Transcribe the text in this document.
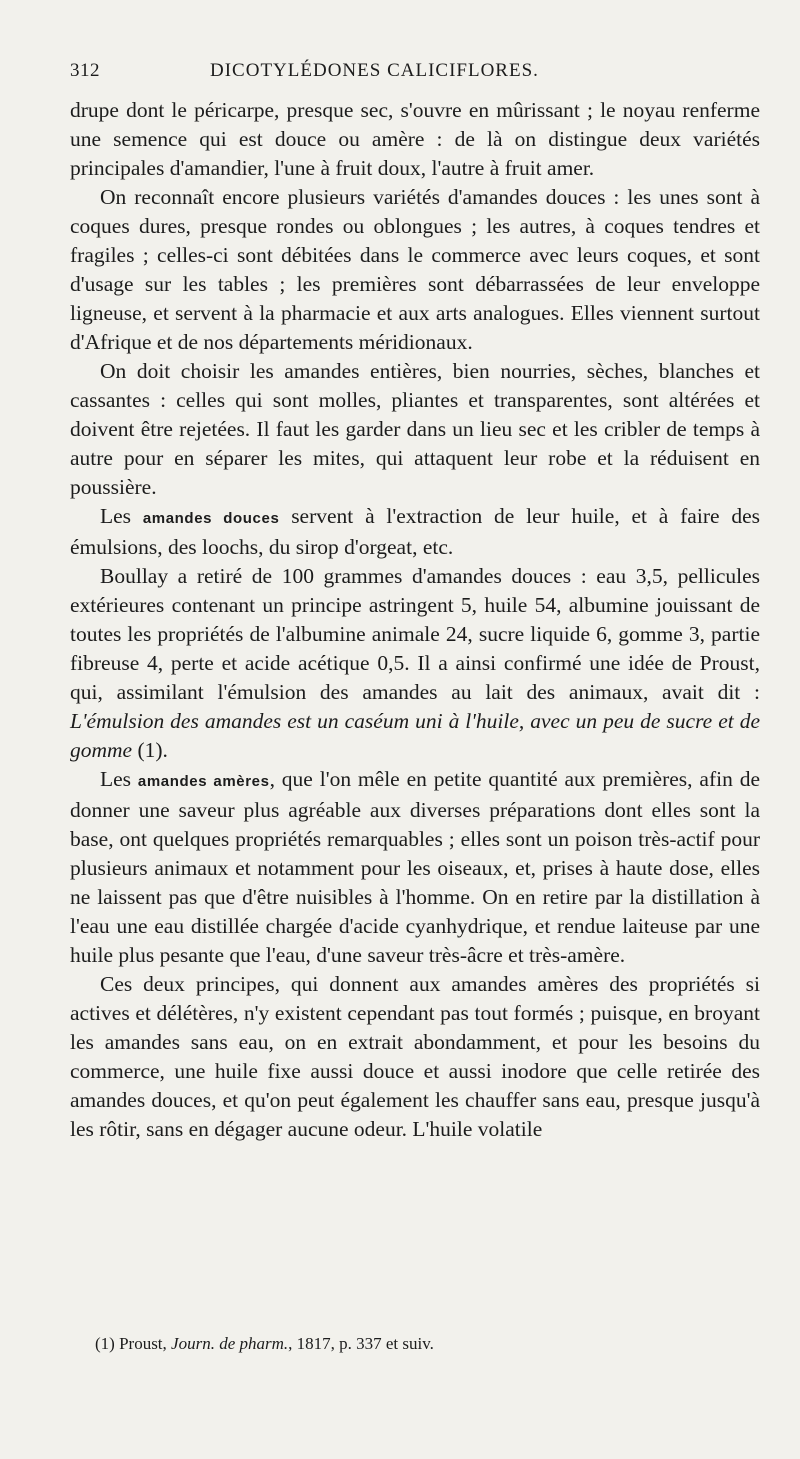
312	DICOTYLÉDONES CALICIFLORES.

drupe dont le péricarpe, presque sec, s'ouvre en mûrissant ; le noyau renferme une semence qui est douce ou amère : de là on distingue deux variétés principales d'amandier, l'une à fruit doux, l'autre à fruit amer.

On reconnaît encore plusieurs variétés d'amandes douces : les unes sont à coques dures, presque rondes ou oblongues ; les autres, à coques tendres et fragiles ; celles-ci sont débitées dans le commerce avec leurs coques, et sont d'usage sur les tables ; les premières sont débarrassées de leur enveloppe ligneuse, et servent à la pharmacie et aux arts analogues. Elles viennent surtout d'Afrique et de nos départements méridionaux.

On doit choisir les amandes entières, bien nourries, sèches, blanches et cassantes : celles qui sont molles, pliantes et transparentes, sont altérées et doivent être rejetées. Il faut les garder dans un lieu sec et les cribler de temps à autre pour en séparer les mites, qui attaquent leur robe et la réduisent en poussière.

Les amandes douces servent à l'extraction de leur huile, et à faire des émulsions, des loochs, du sirop d'orgeat, etc.

Boullay a retiré de 100 grammes d'amandes douces : eau 3,5, pellicules extérieures contenant un principe astringent 5, huile 54, albumine jouissant de toutes les propriétés de l'albumine animale 24, sucre liquide 6, gomme 3, partie fibreuse 4, perte et acide acétique 0,5. Il a ainsi confirmé une idée de Proust, qui, assimilant l'émulsion des amandes au lait des animaux, avait dit : L'émulsion des amandes est un caséum uni à l'huile, avec un peu de sucre et de gomme (1).

Les amandes amères, que l'on mêle en petite quantité aux premières, afin de donner une saveur plus agréable aux diverses préparations dont elles sont la base, ont quelques propriétés remarquables ; elles sont un poison très-actif pour plusieurs animaux et notamment pour les oiseaux, et, prises à haute dose, elles ne laissent pas que d'être nuisibles à l'homme. On en retire par la distillation à l'eau une eau distillée chargée d'acide cyanhydrique, et rendue laiteuse par une huile plus pesante que l'eau, d'une saveur très-âcre et très-amère.

Ces deux principes, qui donnent aux amandes amères des propriétés si actives et délétères, n'y existent cependant pas tout formés ; puisque, en broyant les amandes sans eau, on en extrait abondamment, et pour les besoins du commerce, une huile fixe aussi douce et aussi inodore que celle retirée des amandes douces, et qu'on peut également les chauffer sans eau, presque jusqu'à les rôtir, sans en dégager aucune odeur. L'huile volatile

(1) Proust, Journ. de pharm., 1817, p. 337 et suiv.
